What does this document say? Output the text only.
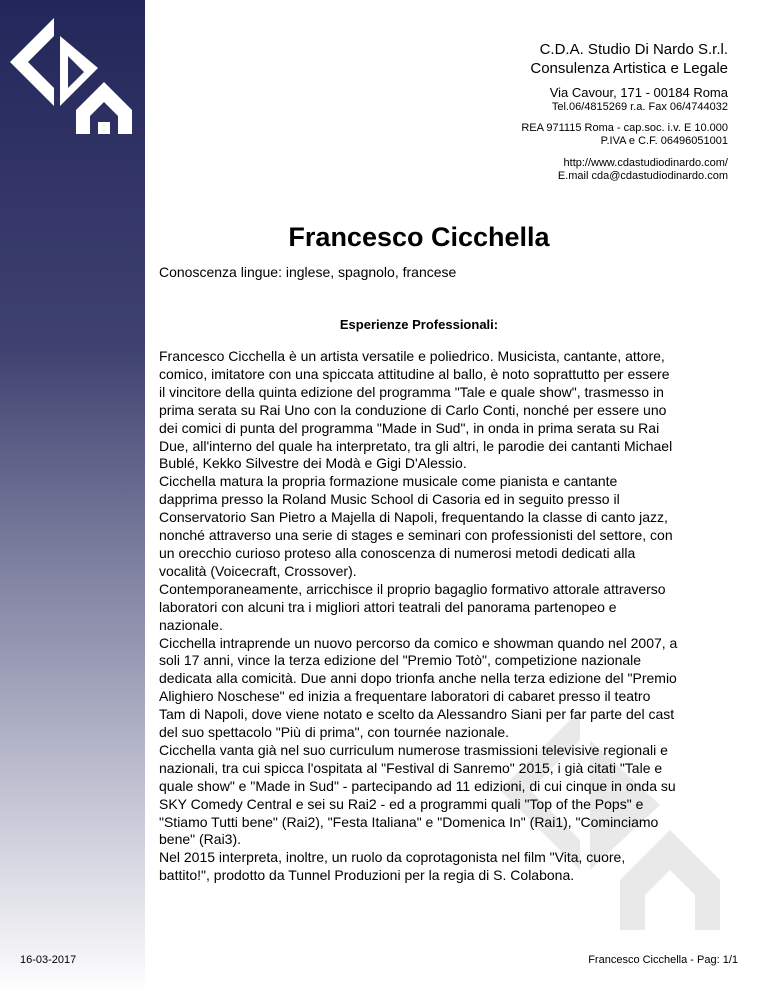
C.D.A. Studio Di Nardo S.r.l.
Consulenza Artistica e Legale
Via Cavour, 171 - 00184 Roma
Tel.06/4815269 r.a. Fax 06/4744032
REA 971115 Roma - cap.soc. i.v. E 10.000
P.IVA e C.F. 06496051001
http://www.cdastudiodinardo.com/
E.mail cda@cdastudiodinardo.com
Francesco Cicchella
Conoscenza lingue: inglese, spagnolo, francese
Esperienze Professionali:

Francesco Cicchella è un artista versatile e poliedrico. Musicista, cantante, attore, comico, imitatore con una spiccata attitudine al ballo, è noto soprattutto per essere il vincitore della quinta edizione del programma "Tale e quale show", trasmesso in prima serata su Rai Uno con la conduzione di Carlo Conti, nonché per essere uno dei comici di punta del programma "Made in Sud", in onda in prima serata su Rai Due, all'interno del quale ha interpretato, tra gli altri, le parodie dei cantanti Michael Bublé, Kekko Silvestre dei Modà e Gigi D'Alessio.

Cicchella matura la propria formazione musicale come pianista e cantante dapprima presso la Roland Music School di Casoria ed in seguito presso il Conservatorio San Pietro a Majella di Napoli, frequentando la classe di canto jazz, nonché attraverso una serie di stages e seminari con professionisti del settore, con un orecchio curioso proteso alla conoscenza di numerosi metodi dedicati alla vocalità (Voicecraft, Crossover).

Contemporaneamente, arricchisce il proprio bagaglio formativo attorale attraverso laboratori con alcuni tra i migliori attori teatrali del panorama partenopeo e nazionale.

Cicchella intraprende un nuovo percorso da comico e showman quando nel 2007, a soli 17 anni, vince la terza edizione del "Premio Totò", competizione nazionale dedicata alla comicità. Due anni dopo trionfa anche nella terza edizione del "Premio Alighiero Noschese" ed inizia a frequentare laboratori di cabaret presso il teatro Tam di Napoli, dove viene notato e scelto da Alessandro Siani per far parte del cast del suo spettacolo "Più di prima", con tournée nazionale.

Cicchella vanta già nel suo curriculum numerose trasmissioni televisive regionali e nazionali, tra cui spicca l'ospitata al "Festival di Sanremo" 2015, i già citati "Tale e quale show" e "Made in Sud" - partecipando ad 11 edizioni, di cui cinque in onda su SKY Comedy Central e sei su Rai2 - ed a programmi quali "Top of the Pops" e "Stiamo Tutti bene" (Rai2), "Festa Italiana" e "Domenica In" (Rai1), "Cominciamo bene" (Rai3).

Nel 2015 interpreta, inoltre, un ruolo da coprotagonista nel film "Vita, cuore, battito!", prodotto da Tunnel Produzioni per la regia di S. Colabona.

16-03-2017	Francesco Cicchella - Pag: 1/1
